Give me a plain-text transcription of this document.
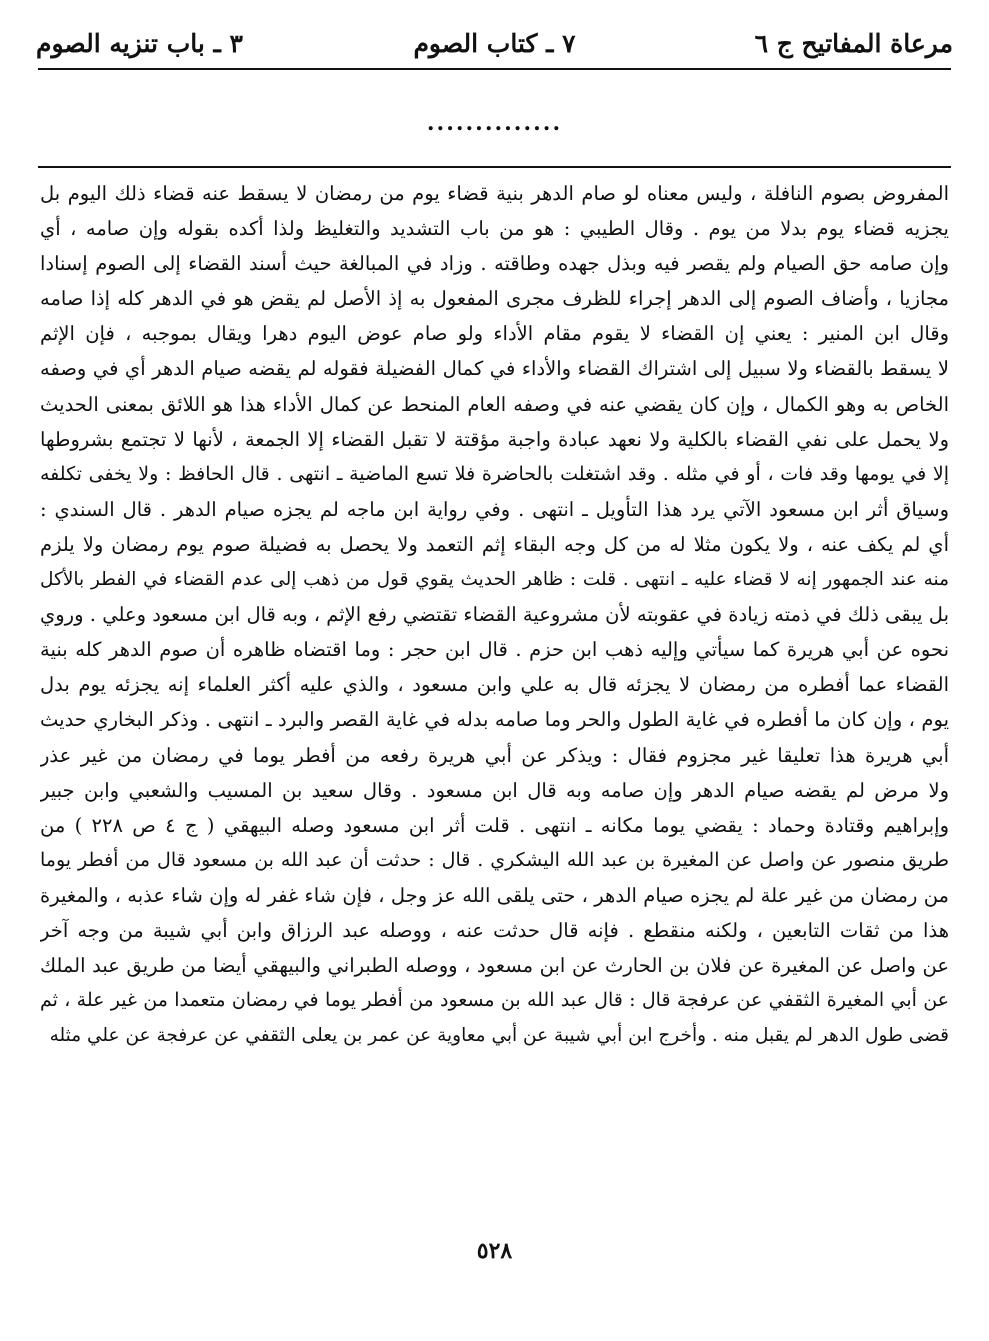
مرعاة المفاتيح ج ٦
٧ ـ كتاب الصوم
٣ ـ باب تنزيه الصوم
..............
المفروض بصوم النافلة ، وليس معناه لو صام الدهر بنية قضاء يوم من رمضان لا يسقط عنه قضاء ذلك اليوم بل
يجزيه قضاء يوم بدلا من يوم . وقال الطيبي : هو من باب التشديد والتغليظ ولذا أكده بقوله وإن صامه ، أي
وإن صامه حق الصيام ولم يقصر فيه وبذل جهده وطاقته . وزاد في المبالغة حيث أسند القضاء إلى الصوم إسنادا
مجازيا ، وأضاف الصوم إلى الدهر إجراء للظرف مجرى المفعول به إذ الأصل لم يقض هو في الدهر كله إذا صامه
وقال ابن المنير : يعني إن القضاء لا يقوم مقام الأداء ولو صام عوض اليوم دهرا ويقال بموجبه ، فإن الإثم
لا يسقط بالقضاء ولا سبيل إلى اشتراك القضاء والأداء في كمال الفضيلة فقوله لم يقضه صيام الدهر أي في وصفه
الخاص به وهو الكمال ، وإن كان يقضي عنه في وصفه العام المنحط عن كمال الأداء هذا هو اللائق بمعنى الحديث
ولا يحمل على نفي القضاء بالكلية ولا نعهد عبادة واجبة مؤقتة لا تقبل القضاء إلا الجمعة ، لأنها لا تجتمع بشروطها
إلا في يومها وقد فات ، أو في مثله . وقد اشتغلت بالحاضرة فلا تسع الماضية ـ انتهى . قال الحافظ : ولا يخفى تكلفه
وسياق أثر ابن مسعود الآتي يرد هذا التأويل ـ انتهى . وفي رواية ابن ماجه لم يجزه صيام الدهر . قال السندي :
أي لم يكف عنه ، ولا يكون مثلا له من كل وجه البقاء إثم التعمد ولا يحصل به فضيلة صوم يوم رمضان ولا يلزم
منه عند الجمهور إنه لا قضاء عليه ـ انتهى . قلت : ظاهر الحديث يقوي قول من ذهب إلى عدم القضاء في الفطر بالأكل
بل يبقى ذلك في ذمته زيادة في عقوبته لأن مشروعية القضاء تقتضي رفع الإثم ، وبه قال ابن مسعود وعلي . وروي
نحوه عن أبي هريرة كما سيأتي وإليه ذهب ابن حزم . قال ابن حجر : وما اقتضاه ظاهره أن صوم الدهر كله بنية
القضاء عما أفطره من رمضان لا يجزئه قال به علي وابن مسعود ، والذي عليه أكثر العلماء إنه يجزئه يوم بدل
يوم ، وإن كان ما أفطره في غاية الطول والحر وما صامه بدله في غاية القصر والبرد ـ انتهى . وذكر البخاري حديث
أبي هريرة هذا تعليقا غير مجزوم فقال : ويذكر عن أبي هريرة رفعه من أفطر يوما في رمضان من غير عذر
ولا مرض لم يقضه صيام الدهر وإن صامه وبه قال ابن مسعود . وقال سعيد بن المسيب والشعبي وابن جبير
وإبراهيم وقتادة وحماد : يقضي يوما مكانه ـ انتهى . قلت أثر ابن مسعود وصله البيهقي ( ج ٤ ص ٢٢٨ ) من
طريق منصور عن واصل عن المغيرة بن عبد الله اليشكري . قال : حدثت أن عبد الله بن مسعود قال من أفطر يوما
من رمضان من غير علة لم يجزه صيام الدهر ، حتى يلقى الله عز وجل ، فإن شاء غفر له وإن شاء عذبه ، والمغيرة
هذا من ثقات التابعين ، ولكنه منقطع . فإنه قال حدثت عنه ، ووصله عبد الرزاق وابن أبي شيبة من وجه آخر
عن واصل عن المغيرة عن فلان بن الحارث عن ابن مسعود ، ووصله الطبراني والبيهقي أيضا من طريق عبد الملك
عن أبي المغيرة الثقفي عن عرفجة قال : قال عبد الله بن مسعود من أفطر يوما في رمضان متعمدا من غير علة ، ثم
قضى طول الدهر لم يقبل منه . وأخرج ابن أبي شيبة عن أبي معاوية عن عمر بن يعلى الثقفي عن عرفجة عن علي مثله
٥٢٨
